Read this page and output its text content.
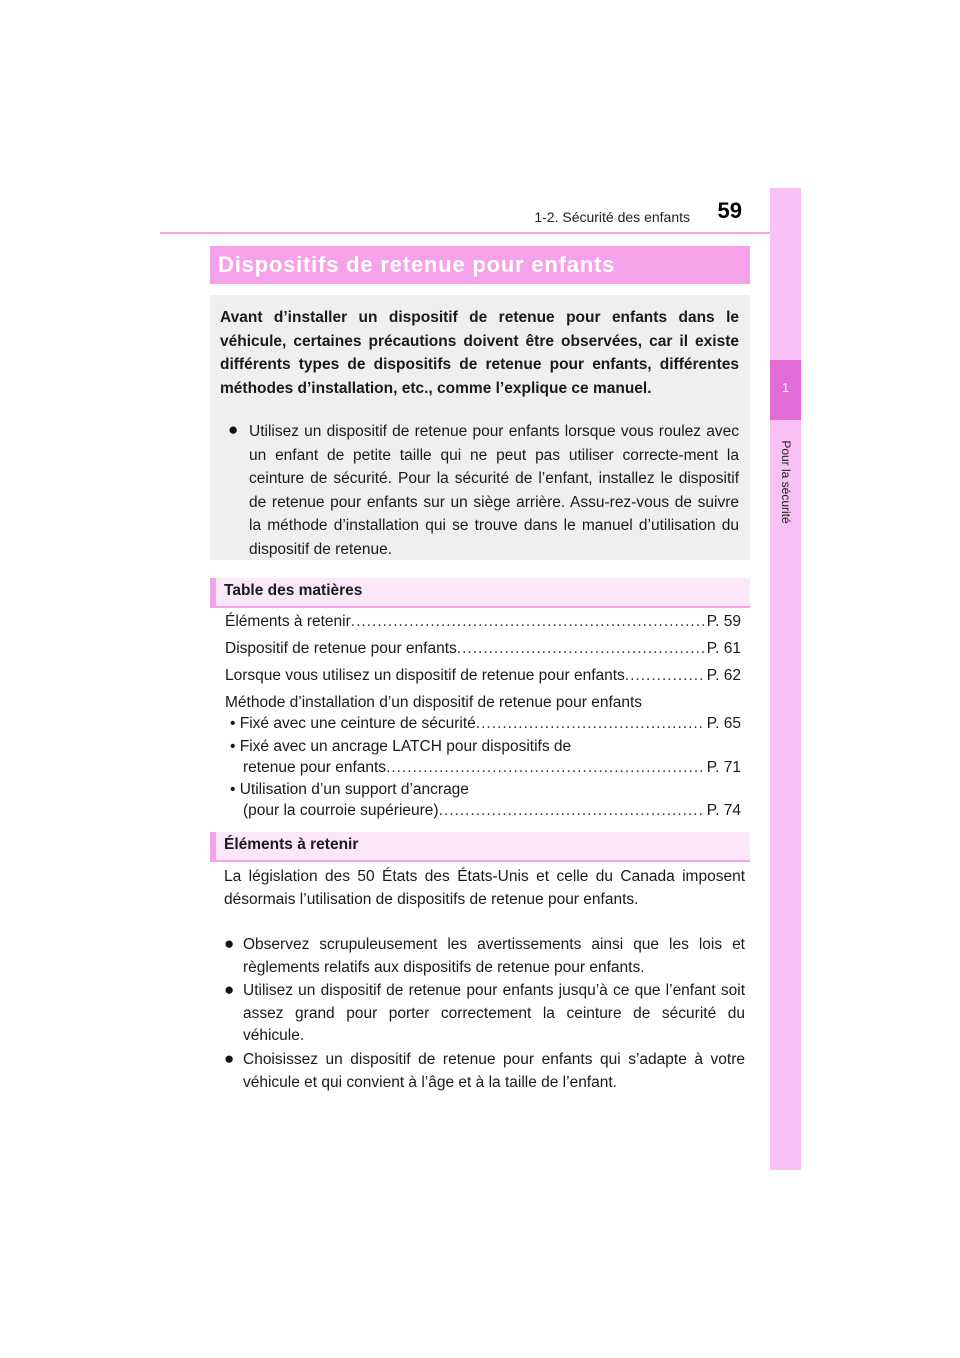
1-2. Sécurité des enfants	59
1
Pour la sécurité
Dispositifs de retenue pour enfants
Avant d’installer un dispositif de retenue pour enfants dans le véhicule, certaines précautions doivent être observées, car il existe différents types de dispositifs de retenue pour enfants, différentes méthodes d’installation, etc., comme l’explique ce manuel.
● Utilisez un dispositif de retenue pour enfants lorsque vous roulez avec un enfant de petite taille qui ne peut pas utiliser correcte-ment la ceinture de sécurité. Pour la sécurité de l’enfant, installez le dispositif de retenue pour enfants sur un siège arrière. Assu-rez-vous de suivre la méthode d’installation qui se trouve dans le manuel d’utilisation du dispositif de retenue.
Table des matières
Éléments à retenir .....	P. 59
Dispositif de retenue pour enfants .....	P. 61
Lorsque vous utilisez un dispositif de retenue pour enfants .....	P. 62
Méthode d’installation d’un dispositif de retenue pour enfants
• Fixé avec une ceinture de sécurité .....	P. 65
• Fixé avec un ancrage LATCH pour dispositifs de
retenue pour enfants .....	P. 71
• Utilisation d’un support d’ancrage
(pour la courroie supérieure) .....	P. 74
Éléments à retenir
La législation des 50 États des États-Unis et celle du Canada imposent désormais l’utilisation de dispositifs de retenue pour enfants.
● Observez scrupuleusement les avertissements ainsi que les lois et règlements relatifs aux dispositifs de retenue pour enfants.
● Utilisez un dispositif de retenue pour enfants jusqu’à ce que l’enfant soit assez grand pour porter correctement la ceinture de sécurité du véhicule.
● Choisissez un dispositif de retenue pour enfants qui s’adapte à votre véhicule et qui convient à l’âge et à la taille de l’enfant.
